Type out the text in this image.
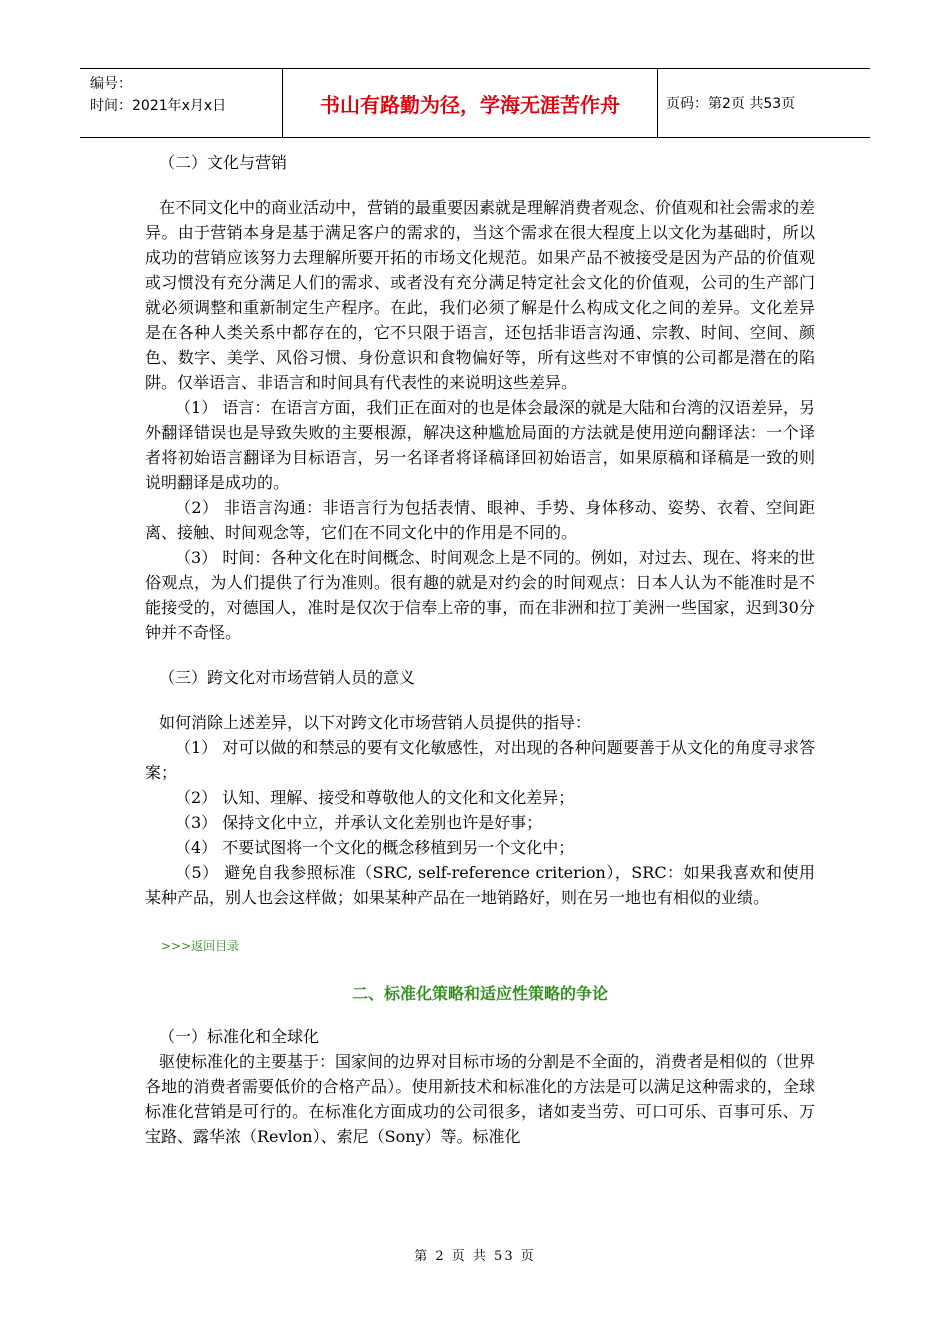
编号：
时间：2021年x月x日	书山有路勤为径，学海无涯苦作舟	页码：第2页 共53页

（二）文化与营销

在不同文化中的商业活动中，营销的最重要因素就是理解消费者观念、价值观和社会需求的差异。由于营销本身是基于满足客户的需求的，当这个需求在很大程度上以文化为基础时，所以成功的营销应该努力去理解所要开拓的市场文化规范。如果产品不被接受是因为产品的价值观或习惯没有充分满足人们的需求、或者没有充分满足特定社会文化的价值观，公司的生产部门就必须调整和重新制定生产程序。在此，我们必须了解是什么构成文化之间的差异。文化差异是在各种人类关系中都存在的，它不只限于语言，还包括非语言沟通、宗教、时间、空间、颜色、数字、美学、风俗习惯、身份意识和食物偏好等，所有这些对不审慎的公司都是潜在的陷阱。仅举语言、非语言和时间具有代表性的来说明这些差异。

（1） 语言：在语言方面，我们正在面对的也是体会最深的就是大陆和台湾的汉语差异，另外翻译错误也是导致失败的主要根源，解决这种尴尬局面的方法就是使用逆向翻译法：一个译者将初始语言翻译为目标语言，另一名译者将译稿译回初始语言，如果原稿和译稿是一致的则说明翻译是成功的。

（2） 非语言沟通：非语言行为包括表情、眼神、手势、身体移动、姿势、衣着、空间距离、接触、时间观念等，它们在不同文化中的作用是不同的。

（3） 时间：各种文化在时间概念、时间观念上是不同的。例如，对过去、现在、将来的世俗观点，为人们提供了行为准则。很有趣的就是对约会的时间观点：日本人认为不能准时是不能接受的，对德国人，准时是仅次于信奉上帝的事，而在非洲和拉丁美洲一些国家，迟到30分钟并不奇怪。

（三）跨文化对市场营销人员的意义

如何消除上述差异，以下对跨文化市场营销人员提供的指导：

（1） 对可以做的和禁忌的要有文化敏感性，对出现的各种问题要善于从文化的角度寻求答案；

（2） 认知、理解、接受和尊敬他人的文化和文化差异；

（3） 保持文化中立，并承认文化差别也许是好事；

（4） 不要试图将一个文化的概念移植到另一个文化中；

（5） 避免自我参照标准（SRC, self-reference criterion），SRC：如果我喜欢和使用某种产品，别人也会这样做；如果某种产品在一地销路好，则在另一地也有相似的业绩。

>>>返回目录

二、标准化策略和适应性策略的争论

（一）标准化和全球化

驱使标准化的主要基于：国家间的边界对目标市场的分割是不全面的，消费者是相似的（世界各地的消费者需要低价的合格产品）。使用新技术和标准化的方法是可以满足这种需求的，全球标准化营销是可行的。在标准化方面成功的公司很多，诸如麦当劳、可口可乐、百事可乐、万宝路、露华浓（Revlon）、索尼（Sony）等。标准化

第 2 页 共 53 页
